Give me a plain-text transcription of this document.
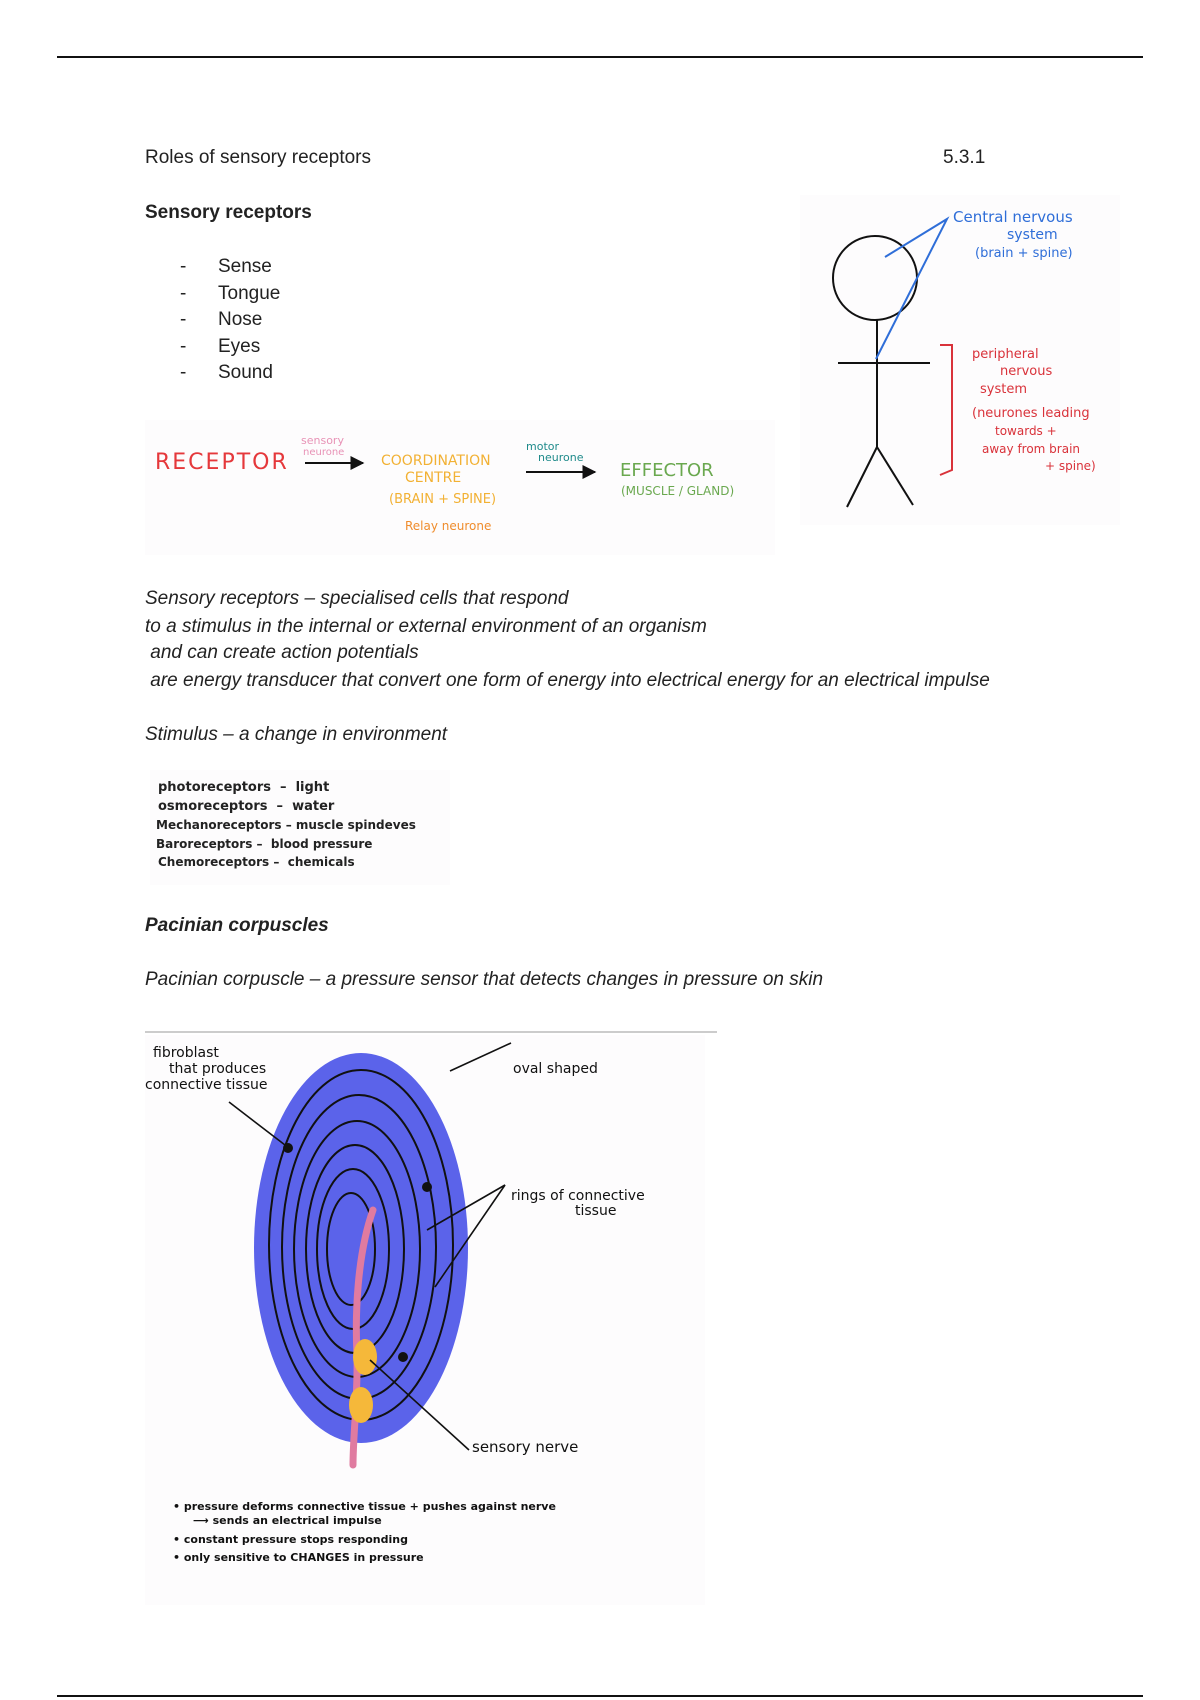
Roles of sensory receptors	5.3.1
Sensory receptors
-	Sense
-	Tongue
-	Nose
-	Eyes
-	Sound
RECEPTOR
sensory
neurone
COORDINATION
CENTRE
(BRAIN + SPINE)
Relay neurone
motor
neurone
EFFECTOR
(MUSCLE / GLAND)
Central nervous
system
(brain + spine)
peripheral
nervous
system
(neurones leading
towards +
away from brain
+ spine)
Sensory receptors – specialised cells that respond
to a stimulus in the internal or external environment of an organism
and can create action potentials
are energy transducer that convert one form of energy into electrical energy for an electrical impulse
Stimulus – a change in environment
photoreceptors  –  light
osmoreceptors  –  water
Mechanoreceptors – muscle spindeves
Baroreceptors –  blood pressure
Chemoreceptors –  chemicals
Pacinian corpuscles
Pacinian corpuscle – a pressure sensor that detects changes in pressure on skin
fibroblast
that produces
connective tissue
oval shaped
rings of connective
tissue
sensory nerve
• pressure deforms connective tissue + pushes against nerve
⟶ sends an electrical impulse
• constant pressure stops responding
• only sensitive to CHANGES in pressure
